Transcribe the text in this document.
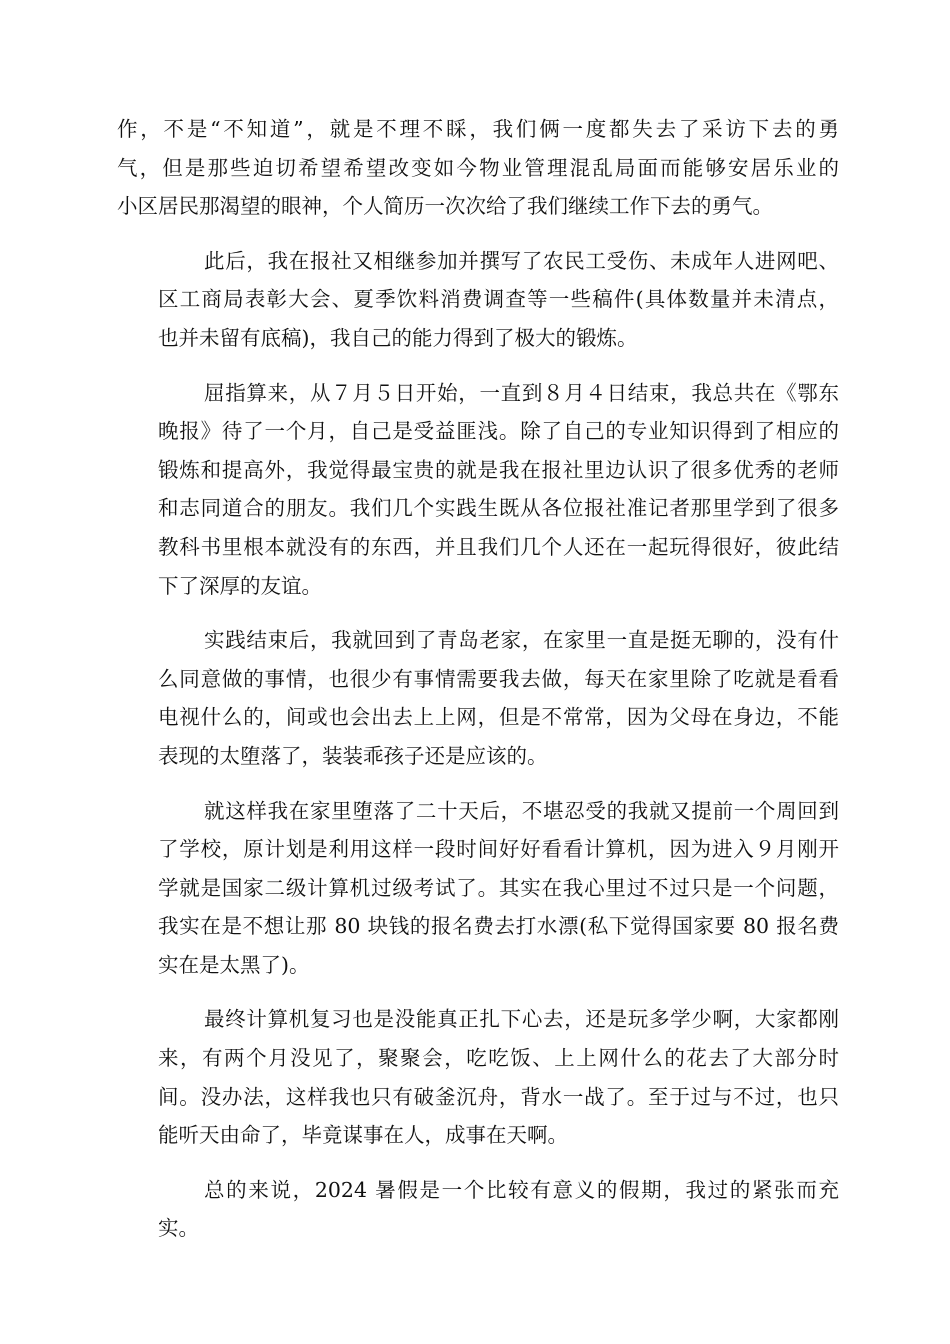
作，不是“不知道”，就是不理不睬，我们俩一度都失去了采访下去的勇
气，但是那些迫切希望希望改变如今物业管理混乱局面而能够安居乐业的
小区居民那渴望的眼神，个人简历一次次给了我们继续工作下去的勇气。

此后，我在报社又相继参加并撰写了农民工受伤、未成年人进网吧、
区工商局表彰大会、夏季饮料消费调查等一些稿件(具体数量并未清点，
也并未留有底稿)，我自己的能力得到了极大的锻炼。

屈指算来，从７月５日开始，一直到８月４日结束，我总共在《鄂东
晚报》待了一个月，自己是受益匪浅。除了自己的专业知识得到了相应的
锻炼和提高外，我觉得最宝贵的就是我在报社里边认识了很多优秀的老师
和志同道合的朋友。我们几个实践生既从各位报社准记者那里学到了很多
教科书里根本就没有的东西，并且我们几个人还在一起玩得很好，彼此结
下了深厚的友谊。

实践结束后，我就回到了青岛老家，在家里一直是挺无聊的，没有什
么同意做的事情，也很少有事情需要我去做，每天在家里除了吃就是看看
电视什么的，间或也会出去上上网，但是不常常，因为父母在身边，不能
表现的太堕落了，装装乖孩子还是应该的。

就这样我在家里堕落了二十天后，不堪忍受的我就又提前一个周回到
了学校，原计划是利用这样一段时间好好看看计算机，因为进入９月刚开
学就是国家二级计算机过级考试了。其实在我心里过不过只是一个问题，
我实在是不想让那 80 块钱的报名费去打水漂(私下觉得国家要 80 报名费
实在是太黑了)。

最终计算机复习也是没能真正扎下心去，还是玩多学少啊，大家都刚
来，有两个月没见了，聚聚会，吃吃饭、上上网什么的花去了大部分时
间。没办法，这样我也只有破釜沉舟，背水一战了。至于过与不过，也只
能听天由命了，毕竟谋事在人，成事在天啊。

总的来说，2024 暑假是一个比较有意义的假期，我过的紧张而充
实。
